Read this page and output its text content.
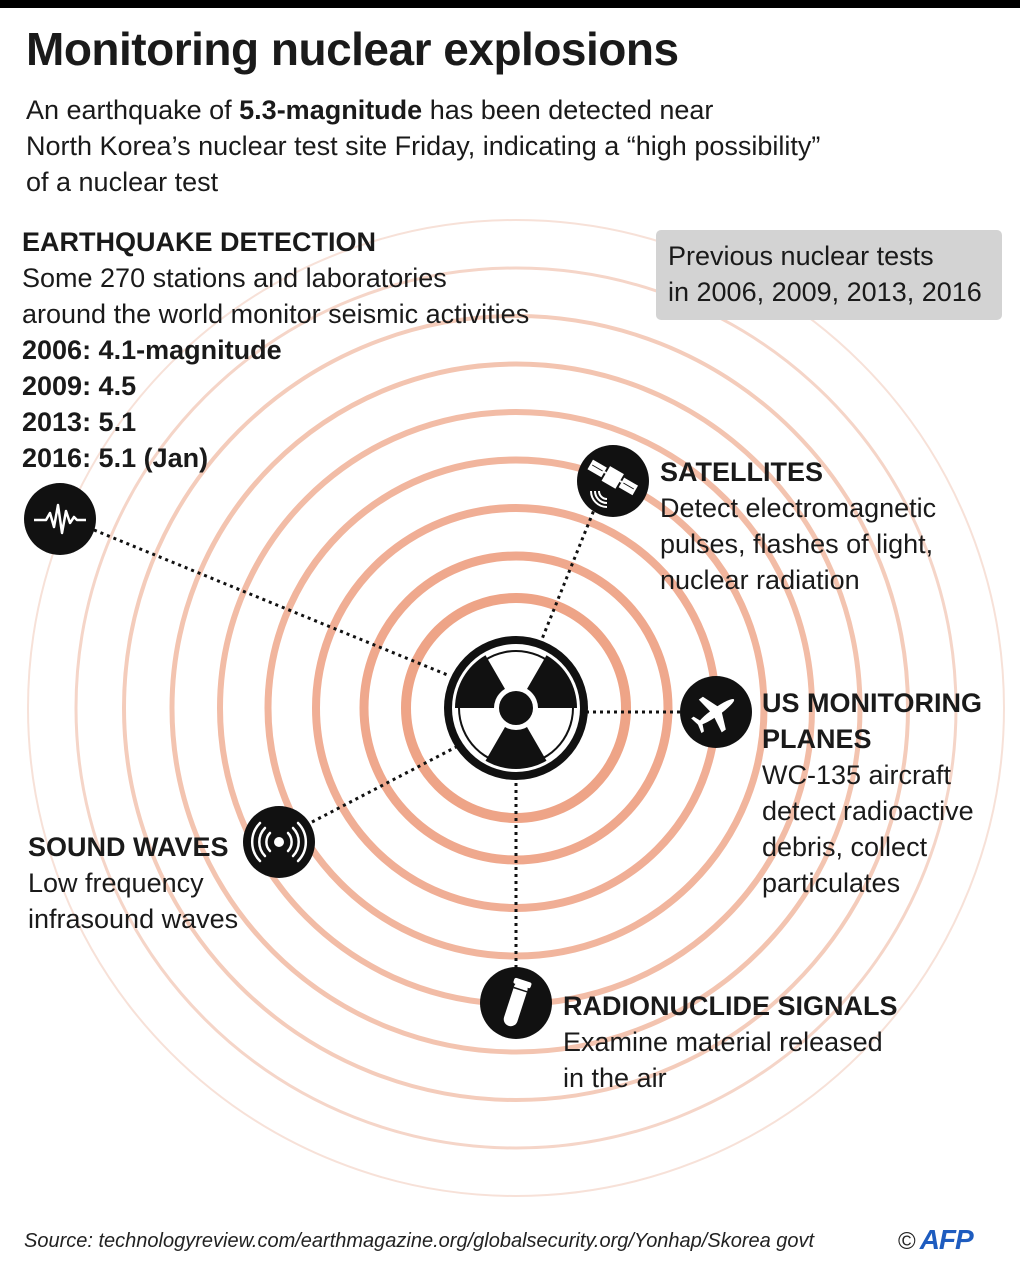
Monitoring nuclear explosions
An earthquake of 5.3-magnitude has been detected near
North Korea’s nuclear test site Friday, indicating a “high possibility”
of a nuclear test
EARTHQUAKE DETECTION
Some 270 stations and laboratories
around the world monitor seismic activities
2006: 4.1-magnitude
2009: 4.5
2013: 5.1
2016: 5.1 (Jan)
Previous nuclear tests
in 2006, 2009, 2013, 2016
SATELLITES
Detect electromagnetic
pulses, flashes of light,
nuclear radiation
US MONITORING
PLANES
WC-135 aircraft
detect radioactive
debris, collect
particulates
SOUND WAVES
Low frequency
infrasound waves
RADIONUCLIDE SIGNALS
Examine material released
in the air
Source: technologyreview.com/earthmagazine.org/globalsecurity.org/Yonhap/Skorea govt	© AFP
